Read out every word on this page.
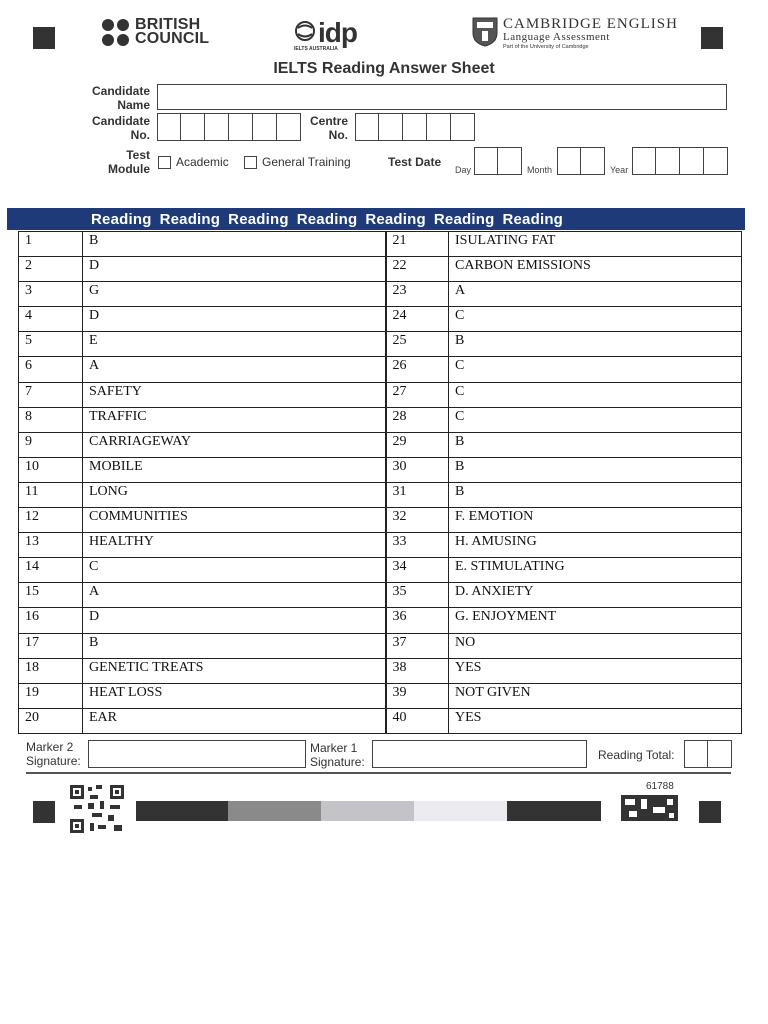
BRITISH
COUNCIL	idp
IELTS AUSTRALIA
CAMBRIDGE ENGLISH
Language Assessment
Part of the University of Cambridge
IELTS Reading Answer Sheet
Candidate
Name
Candidate
No.
Centre
No.
Test
Module Academic	General Training	Test Date
Day	Month	Year
Reading Reading Reading Reading Reading Reading Reading
1	B	21	ISULATING FAT
2	D	22	CARBON EMISSIONS
3	G	23	A
4	D	24	C
5	E	25	B
6	A	26	C
7	SAFETY	27	C
8	TRAFFIC	28	C
9	CARRIAGEWAY	29	B
10	MOBILE	30	B
11	LONG	31	B
12	COMMUNITIES	32	F. EMOTION
13	HEALTHY	33	H. AMUSING
14	C	34	E. STIMULATING
15	A	35	D. ANXIETY
16	D	36	G. ENJOYMENT
17	B	37	NO
18	GENETIC TREATS	38	YES
19	HEAT LOSS	39	NOT GIVEN
20	EAR	40	YES
Marker 2
Signature:
Marker 1
Signature:	Reading Total:
61788
